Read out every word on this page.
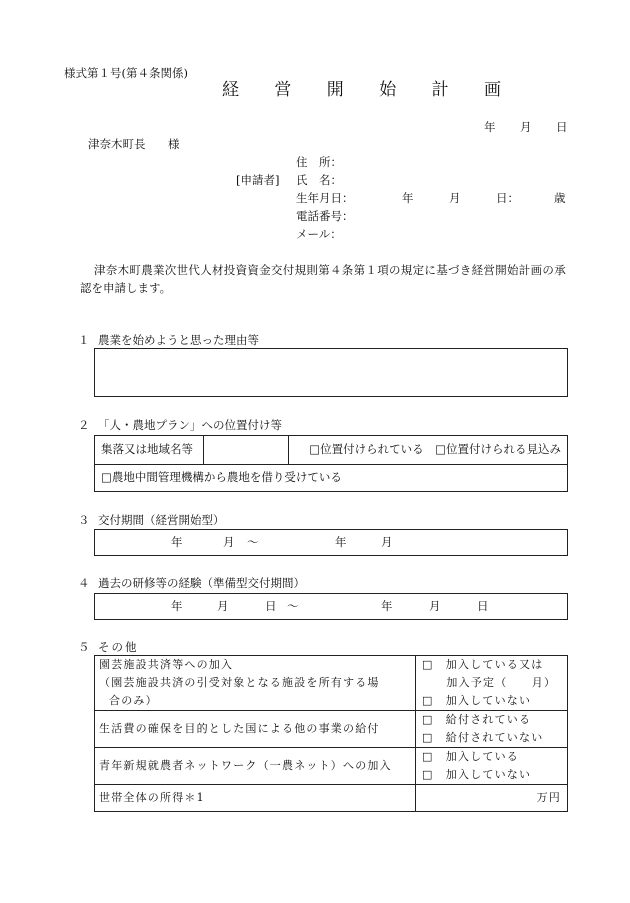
様式第１号(第４条関係)
経 営 開 始 計 画
年 月 日
津奈木町長 様
住　所：
[申請者] 氏　名：
生年月日：	年	月	日：	歳
電話番号：
メール：
津奈木町農業次世代人材投資資金交付規則第４条第１項の規定に基づき経営開始計画の承
認を申請します。
１ 農業を始めようと思った理由等
２ 「人・農地プラン」への位置付け等
集落又は地域名等		□位置付けられている　□位置付けられる見込み
□農地中間管理機構から農地を借り受けている
３ 交付期間（経営開始型）
年	月 ～	年	月
４ 過去の研修等の経験（準備型交付期間）
年	月	日 ～	年	月	日
５ その他
園芸施設共済等への加入
（園芸施設共済の引受対象となる施設を所有する場
合のみ）	□　加入している又は
　　加入予定（　　月）
□　加入していない

生活費の確保を目的とした国による他の事業の給付	□　給付されている
□　給付されていない

青年新規就農者ネットワーク（一農ネット）への加入	□　加入している
□　加入していない

世帯全体の所得＊1	万円
